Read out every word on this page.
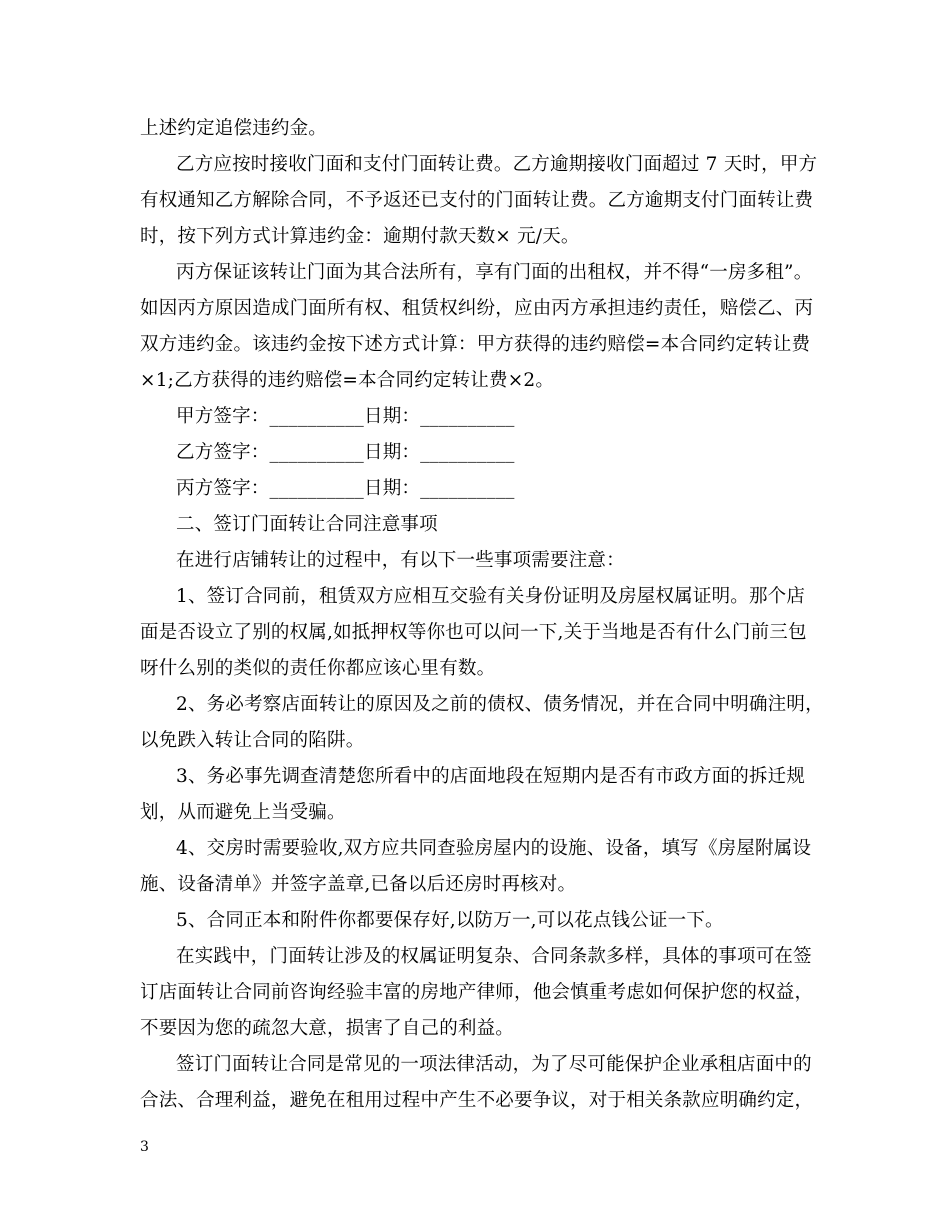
上述约定追偿违约金。
乙方应按时接收门面和支付门面转让费。乙方逾期接收门面超过 7 天时，甲方
有权通知乙方解除合同，不予返还已支付的门面转让费。乙方逾期支付门面转让费
时，按下列方式计算违约金：逾期付款天数× 元/天。
丙方保证该转让门面为其合法所有，享有门面的出租权，并不得“一房多租”。
如因丙方原因造成门面所有权、租赁权纠纷，应由丙方承担违约责任，赔偿乙、丙
双方违约金。该违约金按下述方式计算：甲方获得的违约赔偿=本合同约定转让费
×1;乙方获得的违约赔偿=本合同约定转让费×2。
甲方签字：__________日期：__________
乙方签字：__________日期：__________
丙方签字：__________日期：__________
二、签订门面转让合同注意事项
在进行店铺转让的过程中，有以下一些事项需要注意：
1、签订合同前，租赁双方应相互交验有关身份证明及房屋权属证明。那个店
面是否设立了别的权属,如抵押权等你也可以问一下,关于当地是否有什么门前三包
呀什么别的类似的责任你都应该心里有数。
2、务必考察店面转让的原因及之前的债权、债务情况，并在合同中明确注明，
以免跌入转让合同的陷阱。
3、务必事先调查清楚您所看中的店面地段在短期内是否有市政方面的拆迁规
划，从而避免上当受骗。
4、交房时需要验收,双方应共同查验房屋内的设施、设备，填写《房屋附属设
施、设备清单》并签字盖章,已备以后还房时再核对。
5、合同正本和附件你都要保存好,以防万一,可以花点钱公证一下。
在实践中，门面转让涉及的权属证明复杂、合同条款多样，具体的事项可在签
订店面转让合同前咨询经验丰富的房地产律师，他会慎重考虑如何保护您的权益，
不要因为您的疏忽大意，损害了自己的利益。
签订门面转让合同是常见的一项法律活动，为了尽可能保护企业承租店面中的
合法、合理利益，避免在租用过程中产生不必要争议，对于相关条款应明确约定，
3
